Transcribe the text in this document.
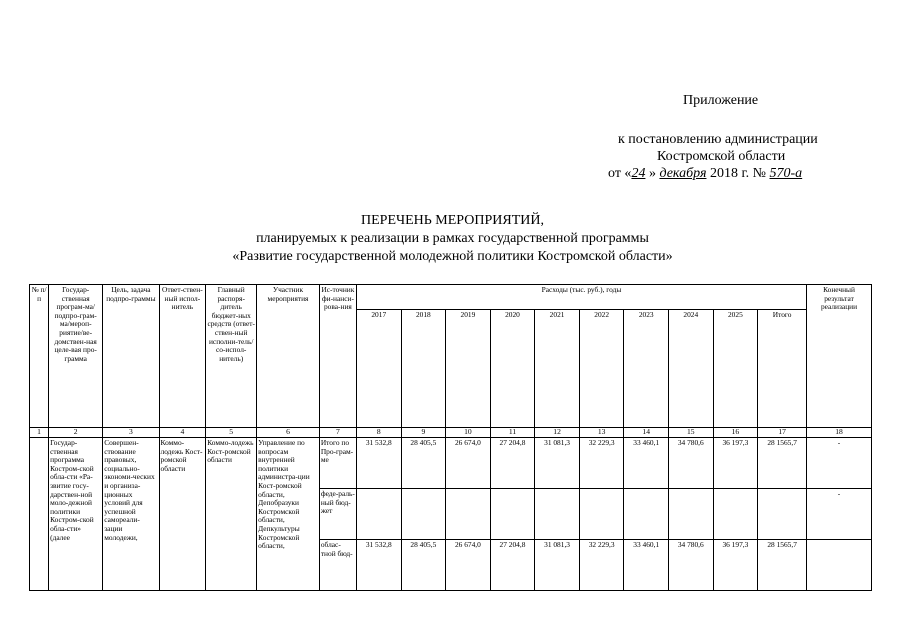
Приложение
к постановлению администрации
Костромской области
от «24 » декабря 2018 г. № 570-а
ПЕРЕЧЕНЬ МЕРОПРИЯТИЙ,
планируемых к реализации в рамках государственной программы
«Развитие государственной молодежной политики Костромской области»
№ п/п	Государ-ственная програм-ма/подпро-грам-ма/мероп-риятие/ве-домствен-ная целе-вая про-грамма	Цель, задача подпро-граммы	Ответ-ствен-ный испол-нитель	Главный распоря-дитель бюджет-ных средств (ответ-ствен-ный исполни-тель/со-испол-нитель)	Участник мероприятия	Ис-точник фи-нанси-рова-ния	Расходы (тыс. руб.), годы										Конечный результат реализации
							2017	2018	2019	2020	2021	2022	2023	2024	2025	Итого	
1	2	3	4	5	6	7	8	9	10	11	12	13	14	15	16	17	18
	Государ-ственная программа Костром-ской обла-сти «Ра-звитие госу-дарствен-ной моло-дежной политики Костром-ской обла-сти» (далее	Совершен-ствование правовых, социально-экономи-ческих и организа-ционных условий для успешной самореали-зации молодежи,	Коммо-лодежь Кост-ромской области	Коммо-лодежь Кост-ромской области	Управление по вопросам внутренней политики администра-ции Кост-ромской области, Депобразуки Костромской области, Депкультуры Костромской области,	Итого по Про-грам-ме	31 532,8	28 405,5	26 674,0	27 204,8	31 081,3	32 229,3	33 460,1	34 780,6	36 197,3	28 1565,7	-
						феде-раль-ный бюд-жет											-
						облас-тной бюд-	31 532,8	28 405,5	26 674,0	27 204,8	31 081,3	32 229,3	33 460,1	34 780,6	36 197,3	28 1565,7	
